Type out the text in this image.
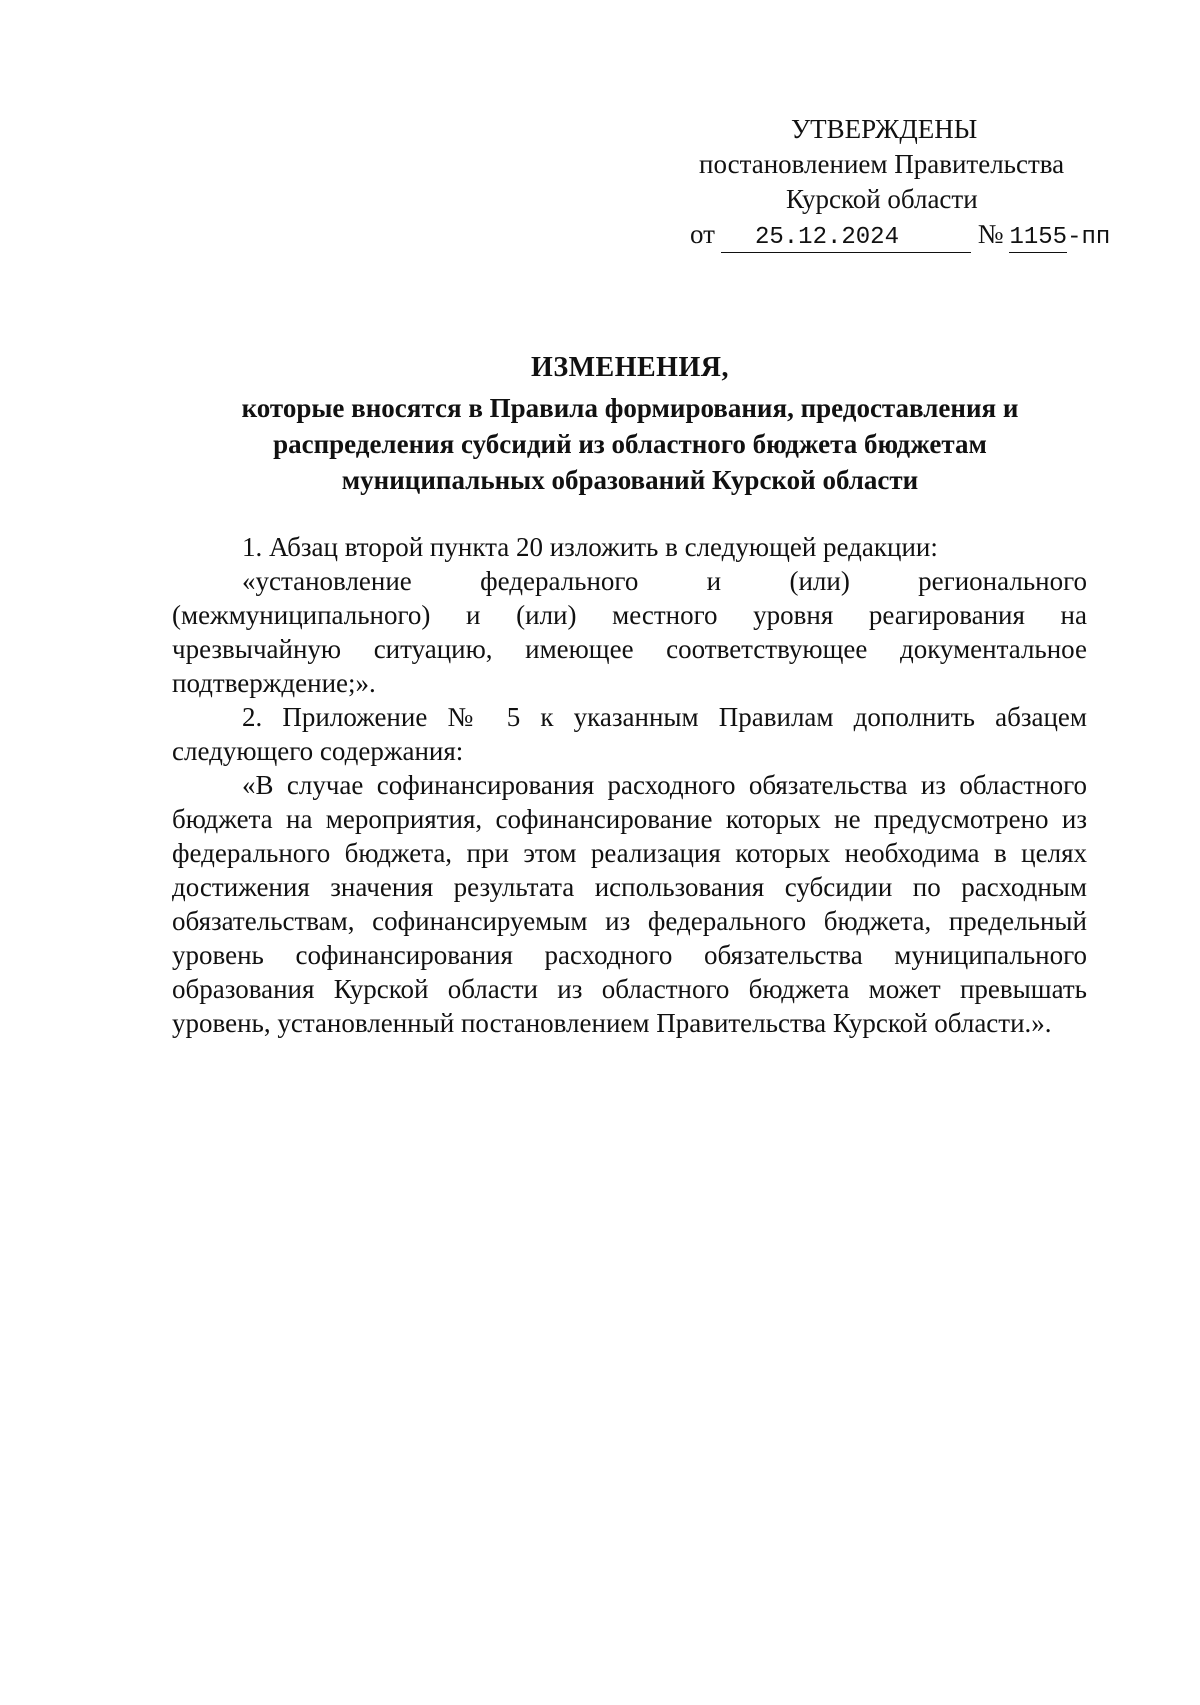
УТВЕРЖДЕНЫ
постановлением Правительства
Курской области
от 25.12.2024	№ 1155-пп
ИЗМЕНЕНИЯ,
которые вносятся в Правила формирования, предоставления и
распределения субсидий из областного бюджета бюджетам
муниципальных образований Курской области

1. Абзац второй пункта 20 изложить в следующей редакции:

«установление федерального и (или) регионального (межмуниципального) и (или) местного уровня реагирования на чрезвычайную ситуацию, имеющее соответствующее документальное подтверждение;».

2. Приложение № 5 к указанным Правилам дополнить абзацем следующего содержания:

«В случае софинансирования расходного обязательства из областного бюджета на мероприятия, софинансирование которых не предусмотрено из федерального бюджета, при этом реализация которых необходима в целях достижения значения результата использования субсидии по расходным обязательствам, софинансируемым из федерального бюджета, предельный уровень софинансирования расходного обязательства муниципального образования Курской области из областного бюджета может превышать уровень, установленный постановлением Правительства Курской области.».
